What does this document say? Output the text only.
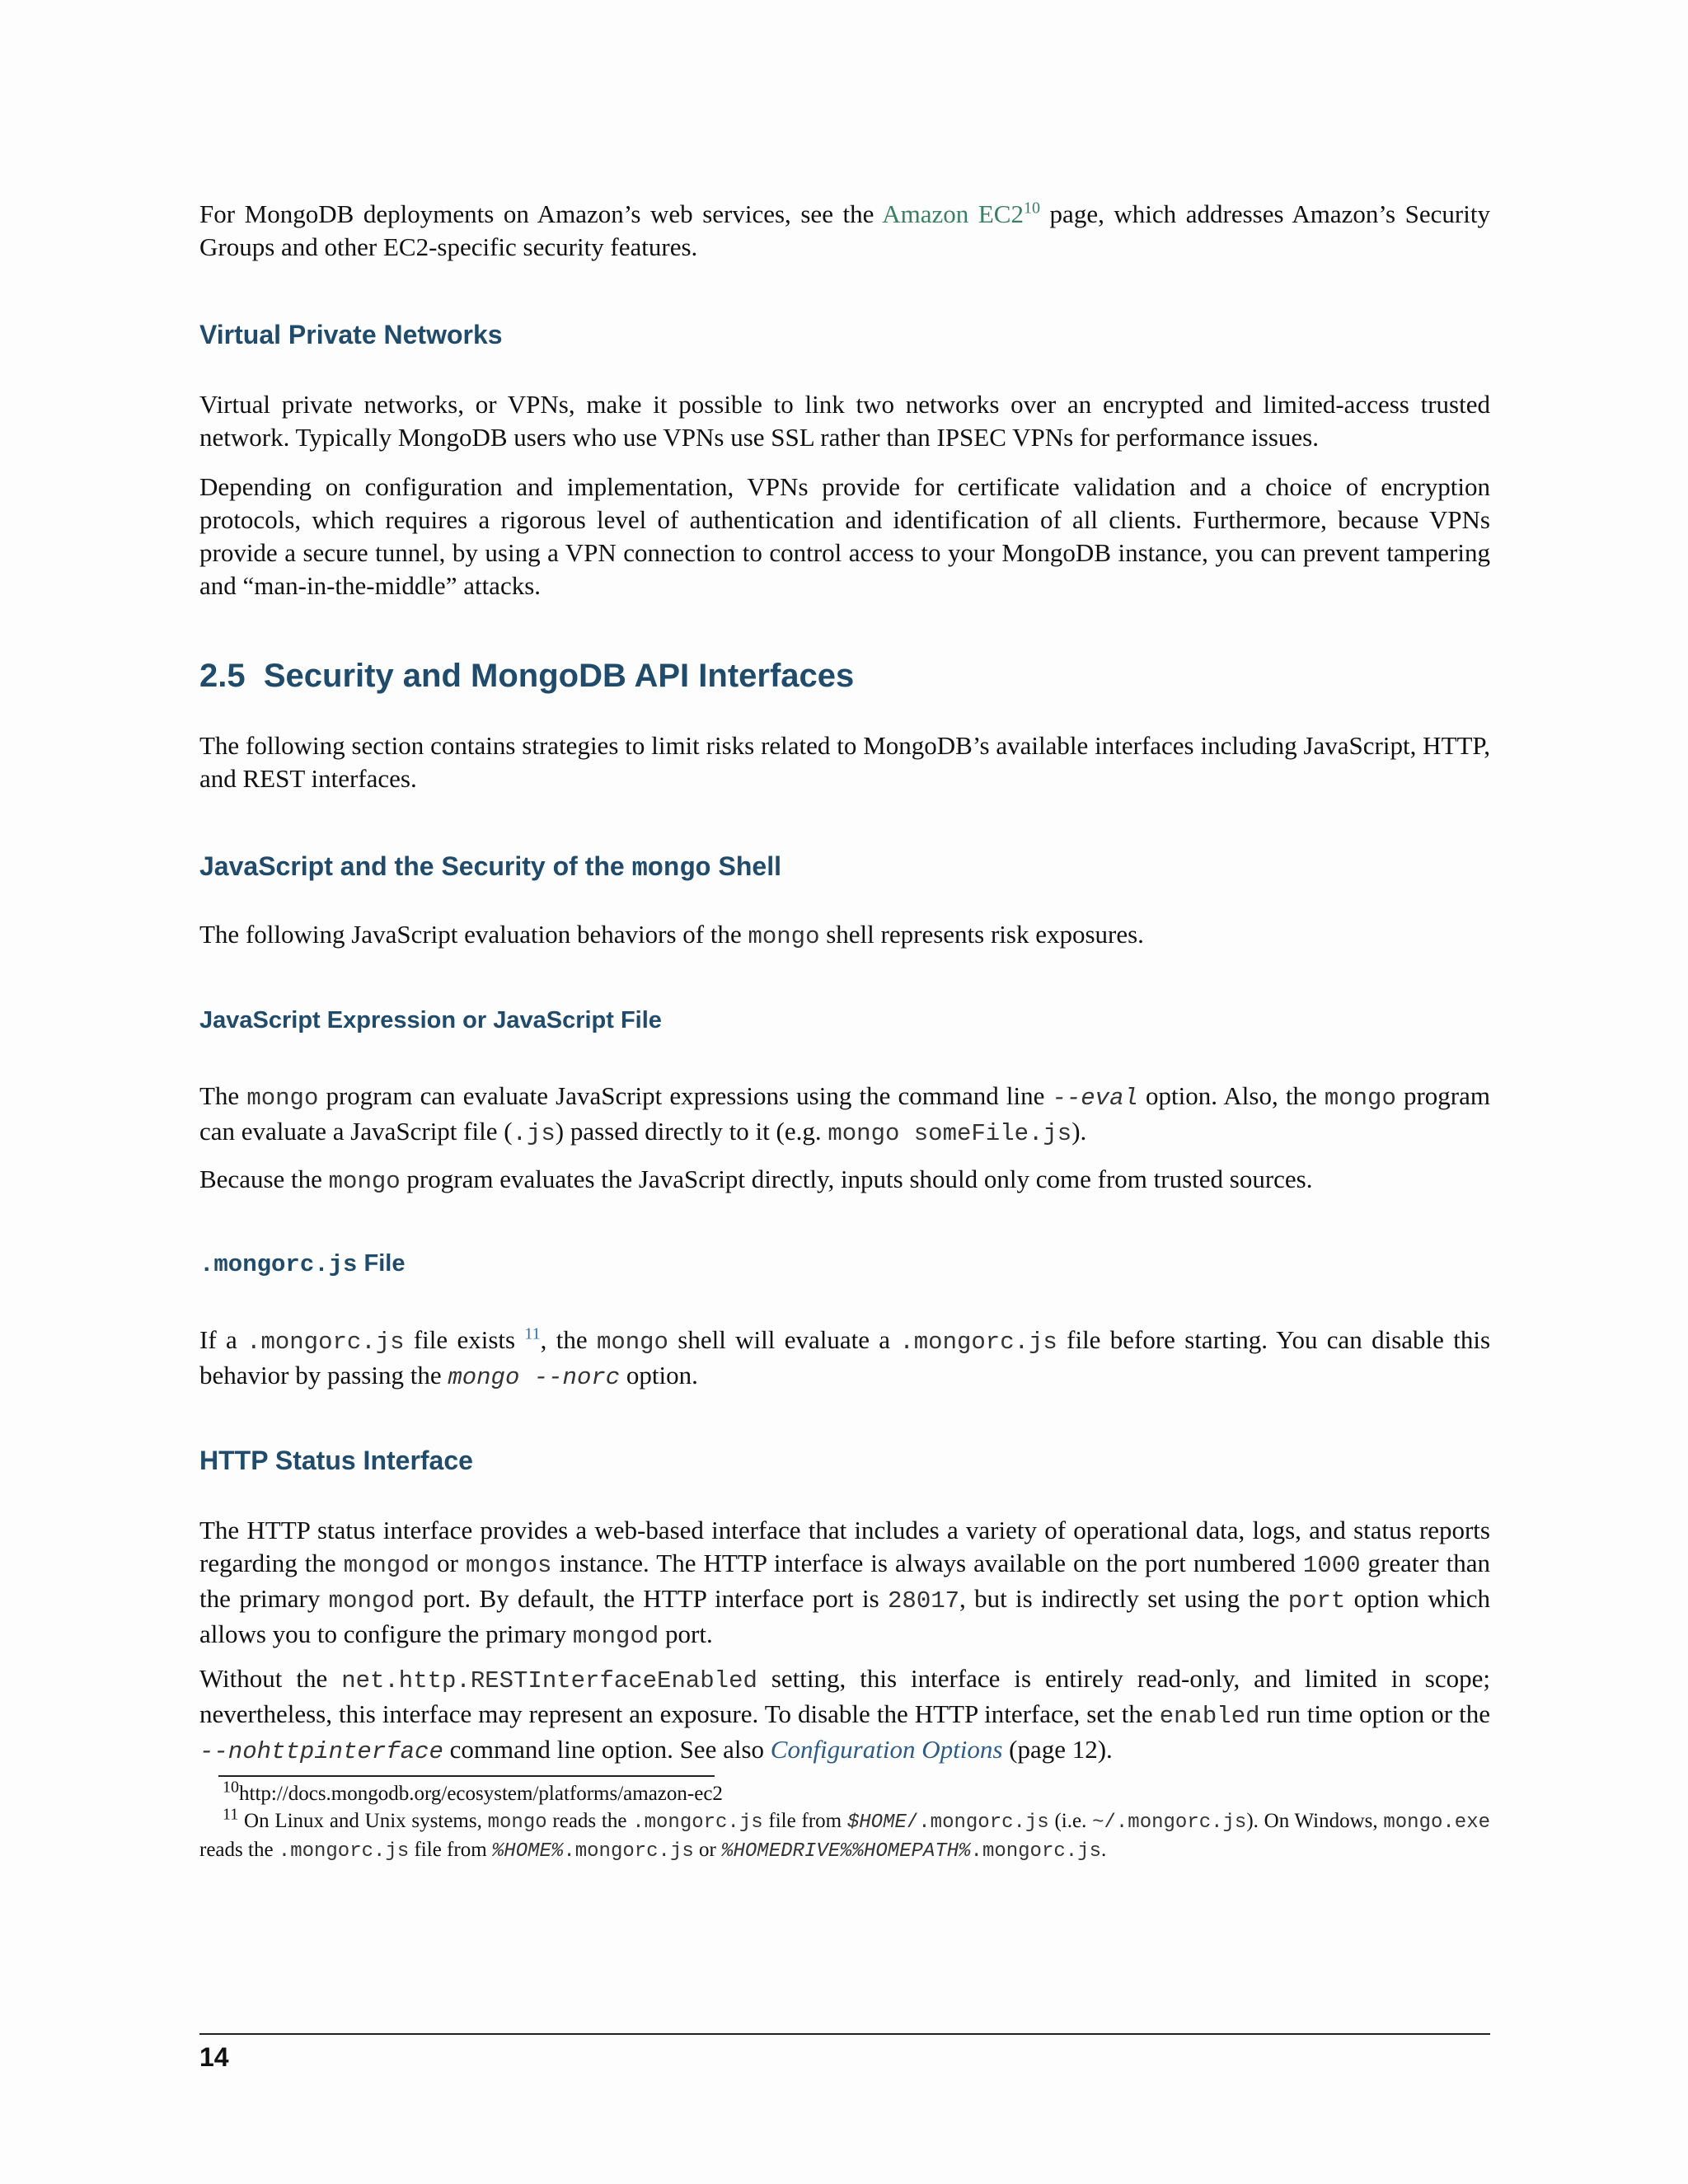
For MongoDB deployments on Amazon’s web services, see the Amazon $EC2^{10}$ page, which addresses Amazon’s Security Groups and other EC2-specific security features.

Virtual Private Networks

Virtual private networks, or VPNs, make it possible to link two networks over an encrypted and limited-access trusted network. Typically MongoDB users who use VPNs use SSL rather than IPSEC VPNs for performance issues.

Depending on configuration and implementation, VPNs provide for certificate validation and a choice of encryption protocols, which requires a rigorous level of authentication and identification of all clients. Furthermore, because VPNs provide a secure tunnel, by using a VPN connection to control access to your MongoDB instance, you can prevent tampering and “man-in-the-middle” attacks.

2.5 Security and MongoDB API Interfaces

The following section contains strategies to limit risks related to MongoDB’s available interfaces including JavaScript, HTTP, and REST interfaces.

JavaScript and the Security of the mongo Shell

The following JavaScript evaluation behaviors of the mongo shell represents risk exposures.

JavaScript Expression or JavaScript File

The mongo program can evaluate JavaScript expressions using the command line --eval option. Also, the mongo program can evaluate a JavaScript file (.js) passed directly to it (e.g. mongo someFile.js).

Because the mongo program evaluates the JavaScript directly, inputs should only come from trusted sources.

.mongorc.js File

If a .mongorc.js file exists $^{11}$, the mongo shell will evaluate a .mongorc.js file before starting. You can disable this behavior by passing the mongo --norc option.

HTTP Status Interface

The HTTP status interface provides a web-based interface that includes a variety of operational data, logs, and status reports regarding the mongod or mongos instance. The HTTP interface is always available on the port numbered 1000 greater than the primary mongod port. By default, the HTTP interface port is 28017, but is indirectly set using the port option which allows you to configure the primary mongod port.

Without the net.http.RESTInterfaceEnabled setting, this interface is entirely read-only, and limited in scope; nevertheless, this interface may represent an exposure. To disable the HTTP interface, set the enabled run time option or the --nohttpinterface command line option. See also Configuration Options (page 12).

$^{10}$http://docs.mongodb.org/ecosystem/platforms/amazon-ec2

$^{11}$ On Linux and Unix systems, mongo reads the .mongorc.js file from $HOME/.mongorc.js (i.e. ~/.mongorc.js). On Windows, mongo.exe reads the .mongorc.js file from %HOME%.mongorc.js or %HOMEDRIVE%%HOMEPATH%.mongorc.js.

14
